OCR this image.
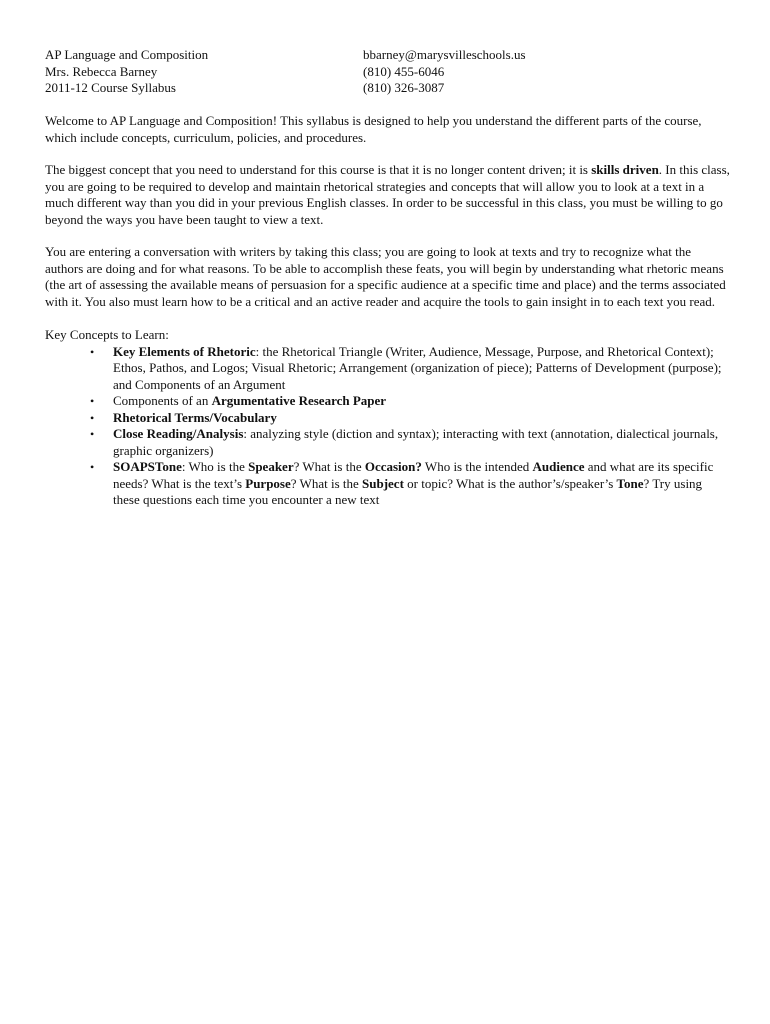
AP Language and Composition
Mrs. Rebecca Barney
2011-12 Course Syllabus
bbarney@marysvilleschools.us
(810) 455-6046
(810) 326-3087

Welcome to AP Language and Composition! This syllabus is designed to help you understand the different parts of the course, which include concepts, curriculum, policies, and procedures.

The biggest concept that you need to understand for this course is that it is no longer content driven; it is skills driven. In this class, you are going to be required to develop and maintain rhetorical strategies and concepts that will allow you to look at a text in a much different way than you did in your previous English classes. In order to be successful in this class, you must be willing to go beyond the ways you have been taught to view a text.

You are entering a conversation with writers by taking this class; you are going to look at texts and try to recognize what the authors are doing and for what reasons. To be able to accomplish these feats, you will begin by understanding what rhetoric means (the art of assessing the available means of persuasion for a specific audience at a specific time and place) and the terms associated with it. You also must learn how to be a critical and an active reader and acquire the tools to gain insight in to each text you read.

Key Concepts to Learn:

• Key Elements of Rhetoric: the Rhetorical Triangle (Writer, Audience, Message, Purpose, and Rhetorical Context); Ethos, Pathos, and Logos; Visual Rhetoric; Arrangement (organization of piece); Patterns of Development (purpose); and Components of an Argument
• Components of an Argumentative Research Paper
• Rhetorical Terms/Vocabulary
• Close Reading/Analysis: analyzing style (diction and syntax); interacting with text (annotation, dialectical journals, graphic organizers)
• SOAPSTone: Who is the Speaker? What is the Occasion? Who is the intended Audience and what are its specific needs? What is the text’s Purpose? What is the Subject or topic? What is the author’s/speaker’s Tone? Try using these questions each time you encounter a new text
